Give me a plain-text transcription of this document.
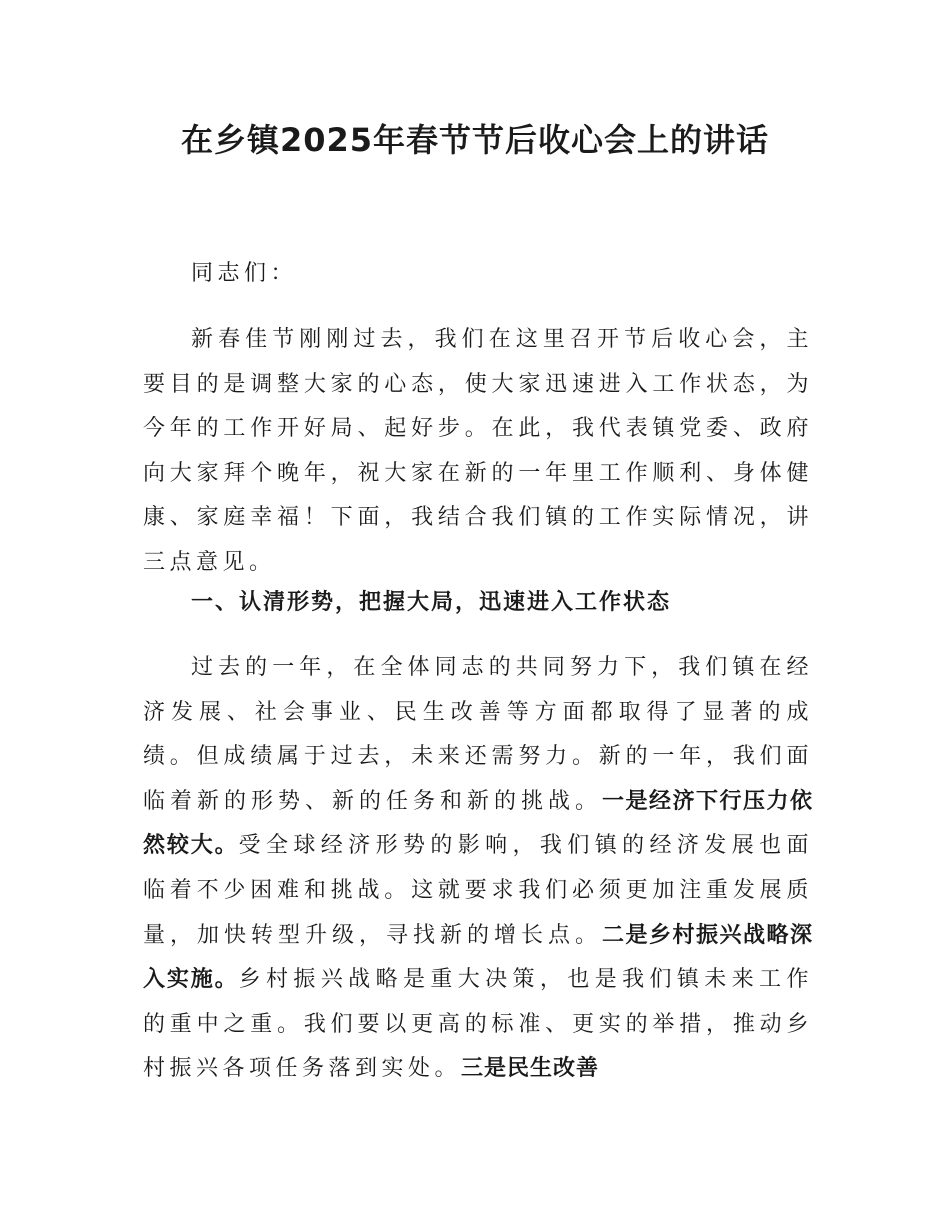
在乡镇2025年春节节后收心会上的讲话

同志们：

新春佳节刚刚过去，我们在这里召开节后收心会，主要目的是调整大家的心态，使大家迅速进入工作状态，为今年的工作开好局、起好步。在此，我代表镇党委、政府向大家拜个晚年，祝大家在新的一年里工作顺利、身体健康、家庭幸福！下面，我结合我们镇的工作实际情况，讲三点意见。

一、认清形势，把握大局，迅速进入工作状态

过去的一年，在全体同志的共同努力下，我们镇在经济发展、社会事业、民生改善等方面都取得了显著的成绩。但成绩属于过去，未来还需努力。新的一年，我们面临着新的形势、新的任务和新的挑战。一是经济下行压力依然较大。受全球经济形势的影响，我们镇的经济发展也面临着不少困难和挑战。这就要求我们必须更加注重发展质量，加快转型升级，寻找新的增长点。二是乡村振兴战略深入实施。乡村振兴战略是重大决策，也是我们镇未来工作的重中之重。我们要以更高的标准、更实的举措，推动乡村振兴各项任务落到实处。三是民生改善
